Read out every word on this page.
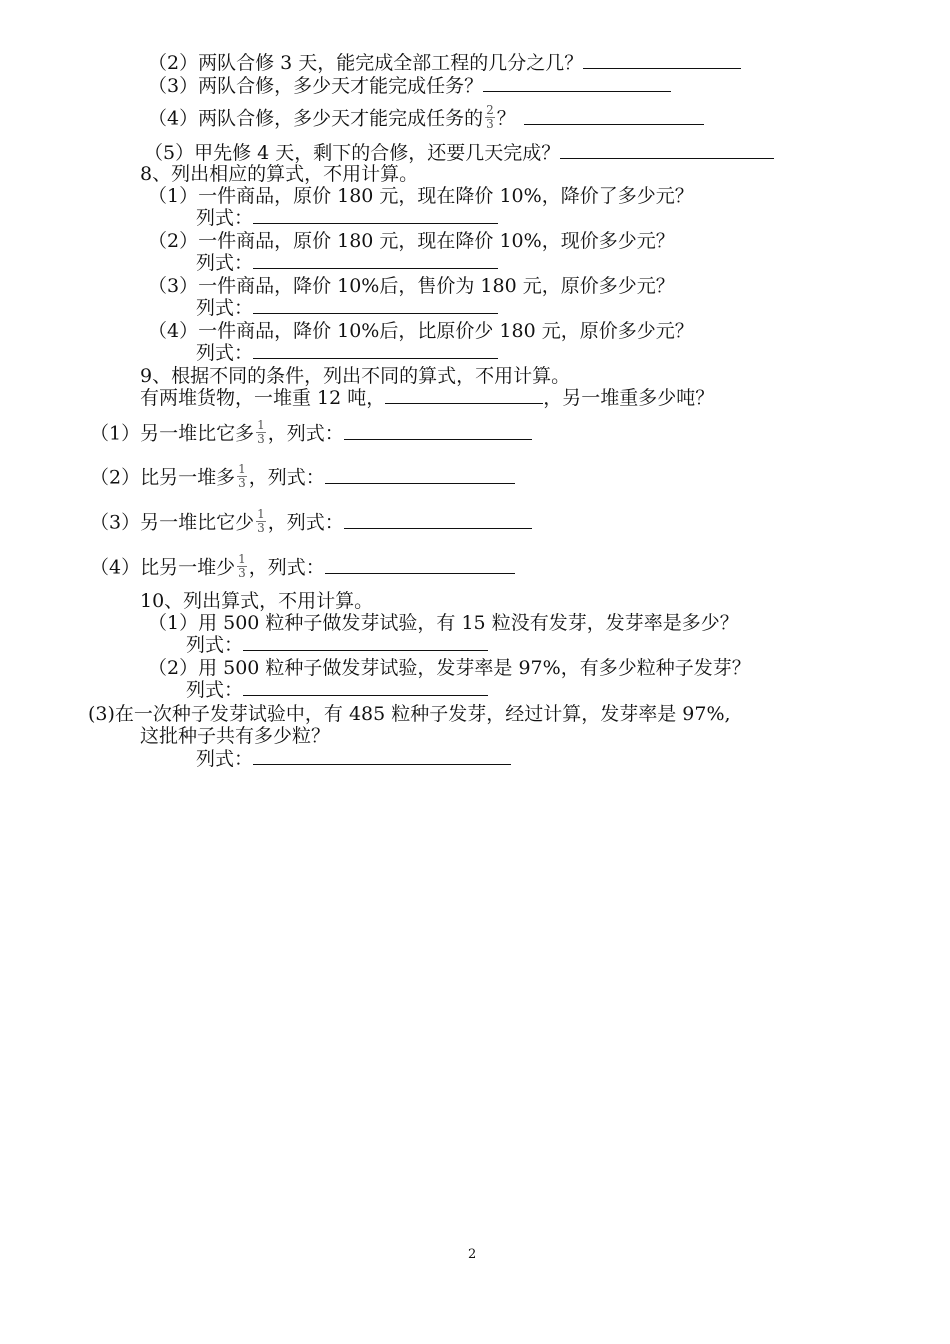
（2）两队合修 3 天，能完成全部工程的几分之几？
（3）两队合修，多少天才能完成任务？
（4）两队合修，多少天才能完成任务的 $\frac{2}{3}$ ？
（5）甲先修 4 天，剩下的合修，还要几天完成？
8、列出相应的算式，不用计算。
（1）一件商品，原价 180 元，现在降价 10%，降价了多少元？
列式：
（2）一件商品，原价 180 元，现在降价 10%，现价多少元？
列式：
（3）一件商品，降价 10%后，售价为 180 元，原价多少元？
列式：
（4）一件商品，降价 10%后，比原价少 180 元，原价多少元？
列式：
9、根据不同的条件，列出不同的算式，不用计算。
有两堆货物，一堆重 12 吨，	，另一堆重多少吨？
（1）另一堆比它多 $\frac{1}{3}$ ，列式：
（2）比另一堆多 $\frac{1}{3}$ ，列式：
（3）另一堆比它少 $\frac{1}{3}$ ，列式：
（4）比另一堆少 $\frac{1}{3}$ ，列式：
10、列出算式，不用计算。
（1）用 500 粒种子做发芽试验，有 15 粒没有发芽，发芽率是多少？
列式：
（2）用 500 粒种子做发芽试验，发芽率是 97%，有多少粒种子发芽？
列式：
(3)在一次种子发芽试验中，有 485 粒种子发芽，经过计算，发芽率是 97%,
这批种子共有多少粒？
列式：
2
